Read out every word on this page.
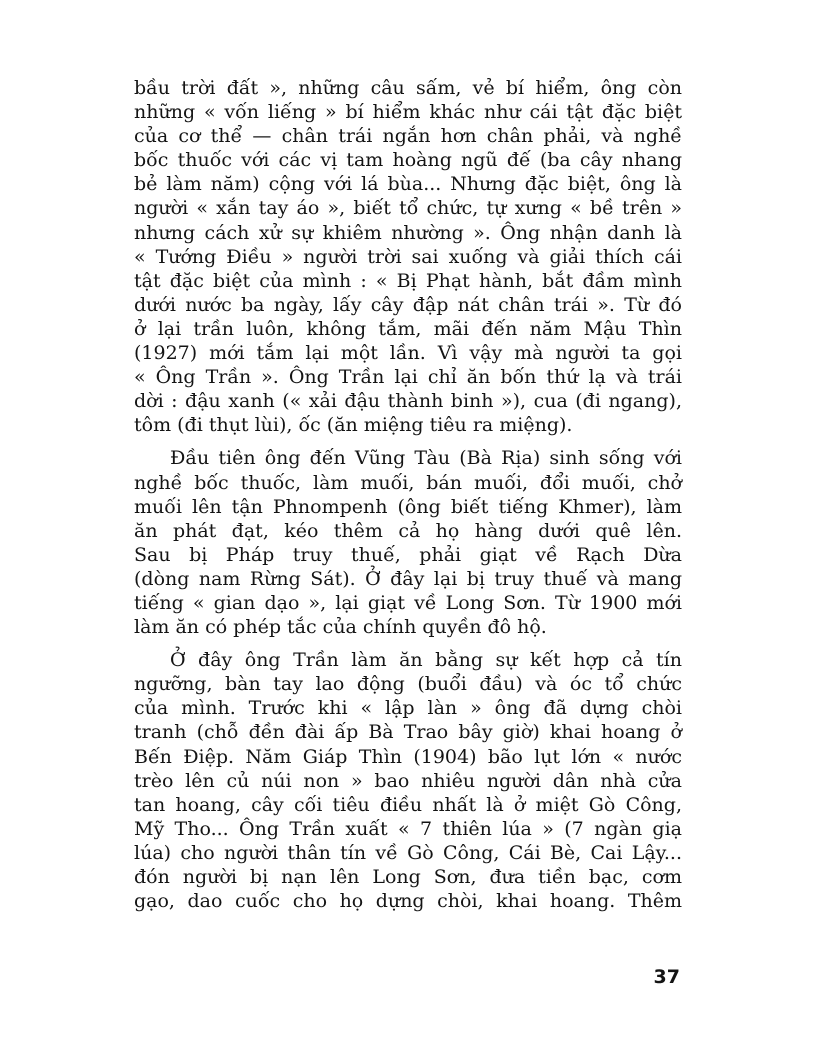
bầu trời đất », những câu sấm, vẻ bí hiểm, ông còn
những « vốn liếng » bí hiểm khác như cái tật đặc biệt
của cơ thể — chân trái ngắn hơn chân phải, và nghề
bốc thuốc với các vị tam hoàng ngũ đế (ba cây nhang
bẻ làm năm) cộng với lá bùa... Nhưng đặc biệt, ông là
người « xắn tay áo », biết tổ chức, tự xưng « bề trên »
nhưng cách xử sự khiêm nhường ». Ông nhận danh là
« Tướng Điều » người trời sai xuống và giải thích cái
tật đặc biệt của mình : « Bị Phạt hành, bắt đầm mình
dưới nước ba ngày, lấy cây đập nát chân trái ». Từ đó
ở lại trần luôn, không tắm, mãi đến năm Mậu Thìn
(1927) mới tắm lại một lần. Vì vậy mà người ta gọi
« Ông Trần ». Ông Trần lại chỉ ăn bốn thứ lạ và trái
dời : đậu xanh (« xải đậu thành binh »), cua (đi ngang),
tôm (đi thụt lùi), ốc (ăn miệng tiêu ra miệng).
Đầu tiên ông đến Vũng Tàu (Bà Rịa) sinh sống với
nghề bốc thuốc, làm muối, bán muối, đổi muối, chở
muối lên tận Phnompenh (ông biết tiếng Khmer), làm
ăn phát đạt, kéo thêm cả họ hàng dưới quê lên.
Sau bị Pháp truy thuế, phải giạt về Rạch Dừa
(dòng nam Rừng Sát). Ở đây lại bị truy thuế và mang
tiếng « gian dạo », lại giạt về Long Sơn. Từ 1900 mới
làm ăn có phép tắc của chính quyền đô hộ.
Ở đây ông Trần làm ăn bằng sự kết hợp cả tín
ngưỡng, bàn tay lao động (buổi đầu) và óc tổ chức
của mình. Trước khi « lập làn » ông đã dựng chòi
tranh (chỗ đền đài ấp Bà Trao bây giờ) khai hoang ở
Bến Điệp. Năm Giáp Thìn (1904) bão lụt lớn « nước
trèo lên củ núi non » bao nhiêu người dân nhà cửa
tan hoang, cây cối tiêu điều nhất là ở miệt Gò Công,
Mỹ Tho... Ông Trần xuất « 7 thiên lúa » (7 ngàn giạ
lúa) cho người thân tín về Gò Công, Cái Bè, Cai Lậy...
đón người bị nạn lên Long Sơn, đưa tiền bạc, cơm
gạo, dao cuốc cho họ dựng chòi, khai hoang. Thêm
37
